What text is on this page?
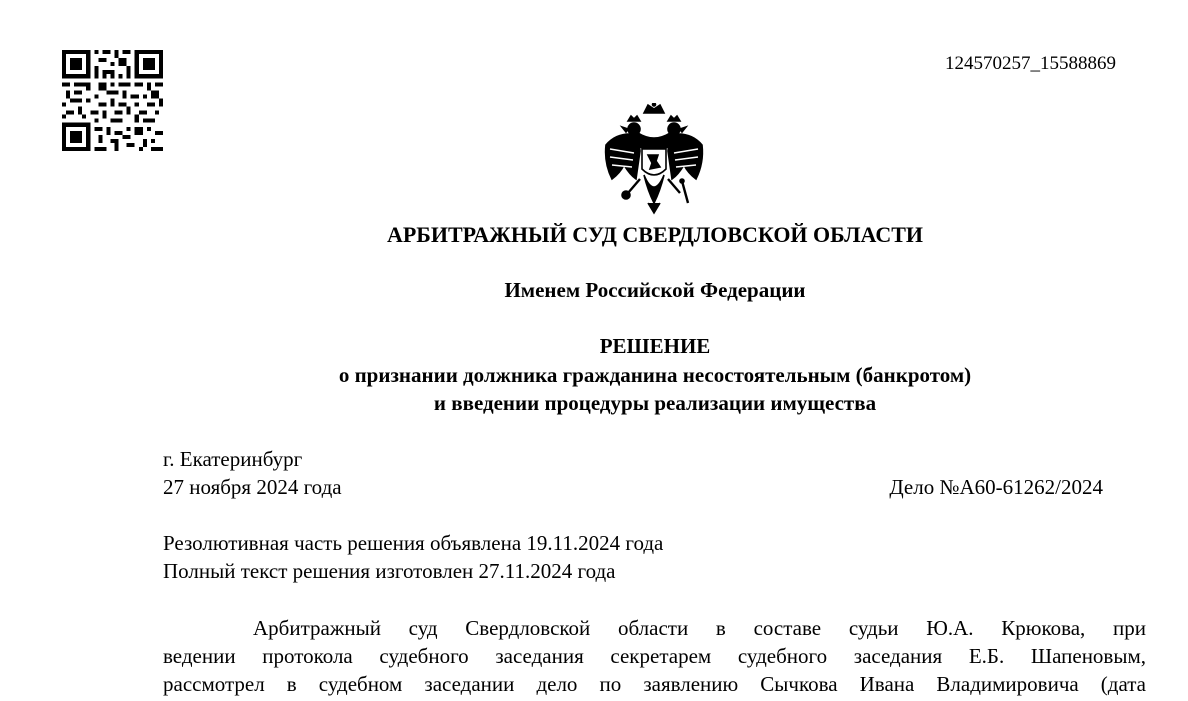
124570257_15588869
АРБИТРАЖНЫЙ СУД СВЕРДЛОВСКОЙ ОБЛАСТИ
Именем Российской Федерации
РЕШЕНИЕ
о признании должника гражданина несостоятельным (банкротом)
и введении процедуры реализации имущества
г. Екатеринбург
27 ноября 2024 года	Дело №А60-61262/2024
Резолютивная часть решения объявлена 19.11.2024 года
Полный текст решения изготовлен 27.11.2024 года
Арбитражный суд Свердловской области в составе судьи Ю.А. Крюкова, при
ведении протокола судебного заседания секретарем судебного заседания Е.Б. Шапеновым,
рассмотрел в судебном заседании дело по заявлению Сычкова Ивана Владимировича (дата
